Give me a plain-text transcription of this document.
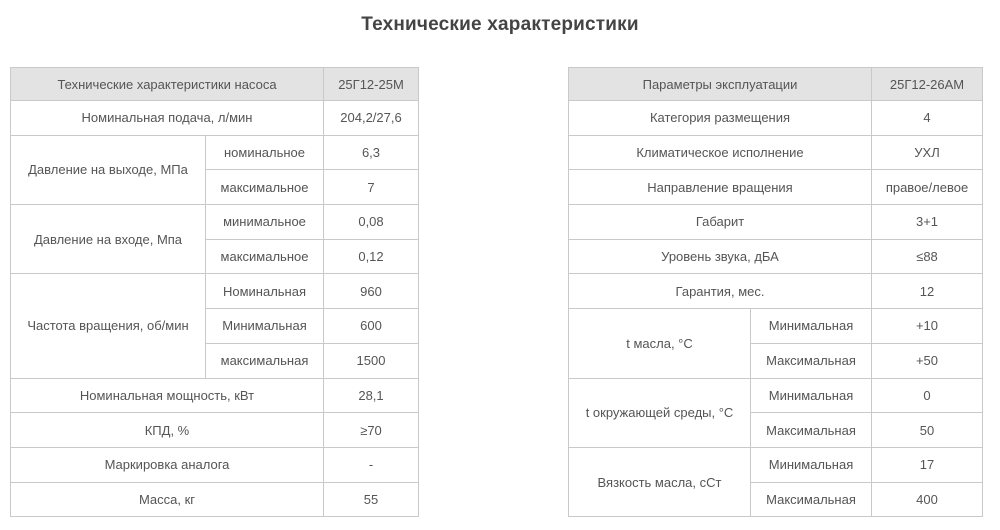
Технические характеристики
Технические характеристики насоса		25Г12-25М
Номинальная подача, л/мин		204,2/27,6
Давление на выходе, МПа	номинальное	6,3
	максимальное	7
Давление на входе, Мпа	минимальное	0,08
	максимальное	0,12
Частота вращения, об/мин	Номинальная	960
	Минимальная	600
	максимальная	1500
Номинальная мощность, кВт		28,1
КПД, %		≥70
Маркировка аналога		-
Масса, кг		55
Параметры эксплуатации		25Г12-26АМ
Категория размещения		4
Климатическое исполнение		УХЛ
Направление вращения		правое/левое
Габарит		3+1
Уровень звука, дБА		≤88
Гарантия, мес.		12
t масла, °С	Минимальная	+10
	Максимальная	+50
t окружающей среды, °С	Минимальная	0
	Максимальная	50
Вязкость масла, сСт	Минимальная	17
	Максимальная	400
